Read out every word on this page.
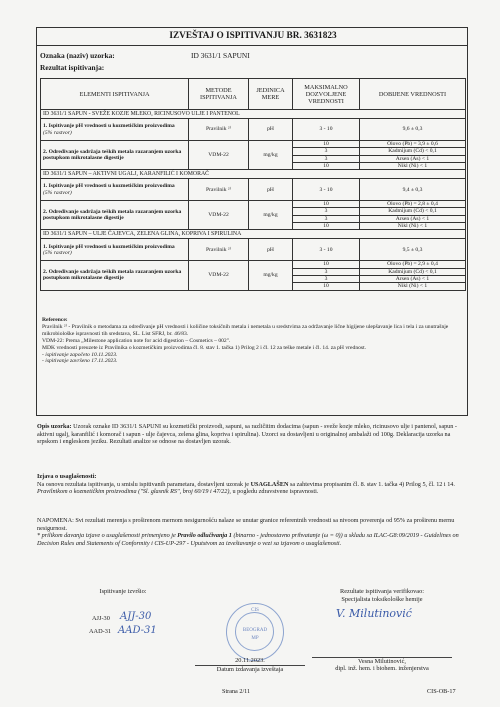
IZVEŠTAJ O ISPITIVANJU BR. 3631823
Oznaka (naziv) uzorka:	ID 3631/1 SAPUNI
Rezultat ispitivanja:
ELEMENTI ISPITIVANJA	METODE ISPITIVANJA	JEDINICA MERE	MAKSIMALNO DOZVOLJENE VREDNOSTI	DOBIJENE VREDNOSTI
ID 3631/1 SAPUN - SVEŽE KOZJE MLEKO, RICINUSOVO ULJE I PANTENOL				
1. Ispitivanje pH vrednosti u kozmetičkim proizvodima
(5% rastvor)	Pravilnik ²⁾	pH	3 - 10	9,6 ± 0,3
2. Određivanje sadržaja teških metala razaranjem uzorka postupkom mikrotalasne digestije	VDM-22	mg/kg	10	Olovo (Pb) = 3,9 ± 0,6
			3	Kadmijum (Cd) < 0,1
			3	Arsen (As) < 1
			10	Nikl (Ni) < 1
ID 3631/1 SAPUN – AKTIVNI UGALJ, KARANFILIĆ I KOMORAČ				
1. Ispitivanje pH vrednosti u kozmetičkim proizvodima
(5% rastvor)	Pravilnik ²⁾	pH	3 - 10	9,4 ± 0,3
2. Određivanje sadržaja teških metala razaranjem uzorka postupkom mikrotalasne digestije	VDM-22	mg/kg	10	Olovo (Pb) = 2,8 ± 0,4
			3	Kadmijum (Cd) < 0,1
			3	Arsen (As) < 1
			10	Nikl (Ni) < 1
ID 3631/1 SAPUN – ULJE ČAJEVCA, ZELENA GLINA, KOPRIVA I SPIRULINA				
1. Ispitivanje pH vrednosti u kozmetičkim proizvodima
(5% rastvor)	Pravilnik ²⁾	pH	3 - 10	9,5 ± 0,3
2. Određivanje sadržaja teških metala razaranjem uzorka postupkom mikrotalasne digestije	VDM-22	mg/kg	10	Olovo (Pb) = 2,9 ± 0,4
			3	Kadmijum (Cd) < 0,1
			3	Arsen (As) < 1
			10	Nikl (Ni) < 1

Reference:

Pravilnik ²⁾ - Pravilnik o metodama za određivanje pH vrednosti i količine toksičnih metala i nemetala u sredstvima za održavanje lične higijene ulepšavanje lica i tela i za unutrašnje mikrobiološke ispravnosti tih sredstava, SL. List SFRJ, br. 46/83.

VDM-22: Prema „Milestone application note for acid digestion – Cosmetics – 002".

MDK vrednosti preuzete iz Pravilnika o kozmetičkim proizvodima čl. 8. stav 1. tačka 1) Prilog 2 i čl. 12 za teške metale i čl. 14. za pH vrednost.

- ispitivanje započeto 10.11.2023.

- ispitivanje završeno 17.11.2023.

Opis uzorka: Uzorak oznake ID 3631/1 SAPUNI su kozmetički proizvodi, sapuni, sa različitim dodacima (sapun - sveže kozje mleko, ricinusovo ulje i pantenol, sapun - aktivni ugalj, karanfilić i komorač i sapun - ulje čajevca, zelena glina, kopriva i spirulina). Uzorci su dostavljeni u originalnoj ambalaži od 100g. Deklaracija uzorka na srpskom i engleskom jeziku. Rezultati analize se odnose na dostavljen uzorak.

Izjava o usaglašenosti:

Na osnovu rezultata ispitivanja, u smislu ispitivanih parametara, dostavljeni uzorak je USAGLAŠEN sa zahtevima propisanim čl. 8. stav 1. tačka 4) Prilog 5, čl. 12 i 14. Pravilnikom o kozmetičkim proizvodima ("Sl. glasnik RS", broj 60/19 i 47/22), u pogledu zdravstvene ispravnosti.

NAPOMENA: Svi rezultati merenja s proširenom mernom nesigurnošću nalaze se unutar granice referentnih vrednosti sa nivoom poverenja od 95% za proširenu mernu nesigurnost.

* prilikom davanja izjave o usaglašenosti primenjeno je Pravilo odlučivanja 1 (binarno - jednostavno prihvatanje (ω = 0)) u skladu sa ILAC-G8:09/2019 - Guidelines on Decision Rules and Statements of Conformity i CIS-UP-297 - Uputstvom za izveštavanje o vezi sa izjavom o usaglašenosti.

Ispitivanje izvršio:
AJJ-30 AJJ-30
AAD-31 AAD-31
CIS
BEOGRAD
MP
20.11.2023.
Datum izdavanja izveštaja
Rezultate ispitivanja verifikovao:
Specijalista toksikološke hemije
V. Milutinović
Vesna Milutinović,
dipl. inž. hem. i biohem. inženjerstva
Strana 2/11	CIS-OB-17
